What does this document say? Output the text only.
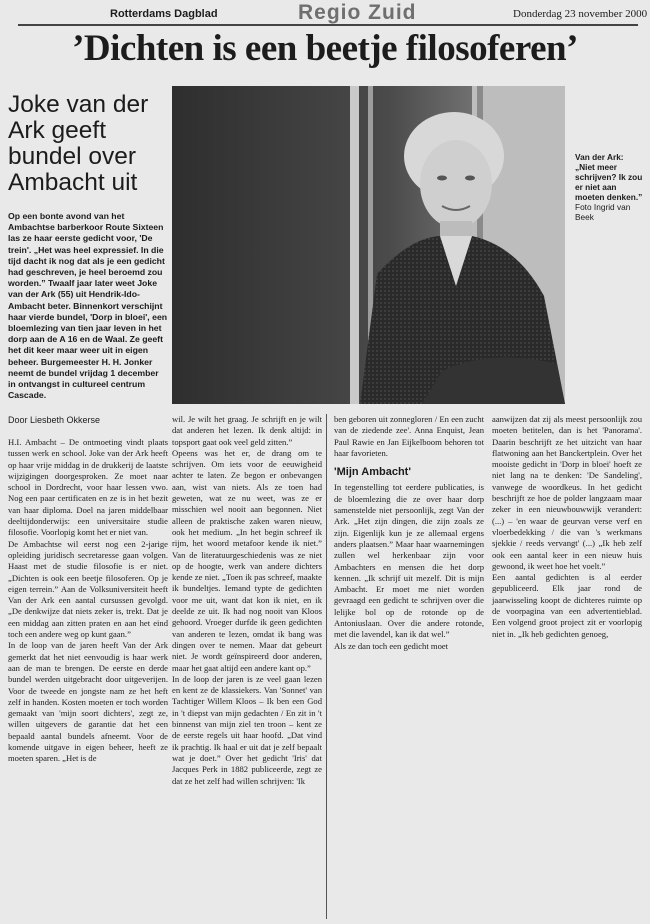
Rotterdams Dagblad	Regio Zuid	Donderdag 23 november 2000
’Dichten is een beetje filosoferen’
Joke van der Ark geeft bundel over Ambacht uit
Op een bonte avond van het Ambachtse barberkoor Route Sixteen las ze haar eerste gedicht voor, 'De trein'. „Het was heel expressief. In die tijd dacht ik nog dat als je een gedicht had geschreven, je heel beroemd zou worden.” Twaalf jaar later weet Joke van der Ark (55) uit Hendrik-Ido-Ambacht beter. Binnenkort verschijnt haar vierde bundel, 'Dorp in bloei', een bloemlezing van tien jaar leven in het dorp aan de A 16 en de Waal. Ze geeft het dit keer maar weer uit in eigen beheer. Burgemeester H. H. Jonker neemt de bundel vrijdag 1 december in ontvangst in cultureel centrum Cascade.
Door Liesbeth Okkerse
Van der Ark:
„Niet meer schrijven? Ik zou er niet aan moeten denken.” Foto Ingrid van Beek

H.I. Ambacht – De ontmoeting vindt plaats tussen werk en school. Joke van der Ark heeft op haar vrije middag in de drukkerij de laatste wijzigingen doorgesproken. Ze moet naar school in Dordrecht, voor haar lessen vwo. Nog een paar certificaten en ze is in het bezit van haar diploma. Doel na jaren middelbaar deeltijdonderwijs: een universitaire studie filosofie. Voorlopig komt het er niet van.

De Ambachtse wil eerst nog een 2-jarige opleiding juridisch secretaresse gaan volgen. Haast met de studie filosofie is er niet. „Dichten is ook een beetje filosoferen. Op je eigen terrein.” Aan de Volksuniversiteit heeft Van der Ark een aantal cursussen gevolgd. „De denkwijze dat niets zeker is, trekt. Dat je een middag aan zitten praten en aan het eind toch een andere weg op kunt gaan.”

In de loop van de jaren heeft Van der Ark gemerkt dat het niet eenvoudig is haar werk aan de man te brengen. De eerste en derde bundel werden uitgebracht door uitgeverijen. Voor de tweede en jongste nam ze het heft zelf in handen. Kosten moeten er toch worden gemaakt van 'mijn soort dichters', zegt ze, willen uitgevers de garantie dat het een bepaald aantal bundels afneemt. Voor de komende uitgave in eigen beheer, heeft ze moeten sparen. „Het is de

wil. Je wilt het graag. Je schrijft en je wilt dat anderen het lezen. Ik denk altijd: in topsport gaat ook veel geld zitten.”

Opeens was het er, de drang om te schrijven. Om iets voor de eeuwigheid achter te laten. Ze begon er onbevangen aan, wist van niets. Als ze toen had geweten, wat ze nu weet, was ze er misschien wel nooit aan begonnen. Niet alleen de praktische zaken waren nieuw, ook het medium. „In het begin schreef ik rijm, het woord metafoor kende ik niet.” Van de literatuurgeschiedenis was ze niet op de hoogte, werk van andere dichters kende ze niet. „Toen ik pas schreef, maakte ik bundeltjes. Iemand typte de gedichten voor me uit, want dat kon ik niet, en ik deelde ze uit. Ik had nog nooit van Kloos gehoord. Vroeger durfde ik geen gedichten van anderen te lezen, omdat ik bang was dingen over te nemen. Maar dat gebeurt niet. Je wordt geïnspireerd door anderen, maar het gaat altijd een andere kant op.”

In de loop der jaren is ze veel gaan lezen en kent ze de klassiekers. Van 'Sonnet' van Tachtiger Willem Kloos – Ik ben een God in 't diepst van mijn gedachten / En zit in 't binnenst van mijn ziel ten troon – kent ze de eerste regels uit haar hoofd. „Dat vind ik prachtig. Ik haal er uit dat je zelf bepaalt wat je doet.” Over het gedicht 'Iris' dat Jacques Perk in 1882 publiceerde, zegt ze dat ze het zelf had willen schrijven: 'Ik

ben geboren uit zonnegloren / En een zucht van de ziedende zee'. Anna Enquist, Jean Paul Rawie en Jan Eijkelboom behoren tot haar favorieten.

'Mijn Ambacht'

In tegenstelling tot eerdere publicaties, is de bloemlezing die ze over haar dorp samenstelde niet persoonlijk, zegt Van der Ark. „Het zijn dingen, die zijn zoals ze zijn. Eigenlijk kun je ze allemaal ergens anders plaatsen.” Maar haar waarnemingen zullen wel herkenbaar zijn voor Ambachters en mensen die het dorp kennen. „Ik schrijf uit mezelf. Dit is mijn Ambacht. Er moet me niet worden gevraagd een gedicht te schrijven over die lelijke bol op de rotonde op de Antoniuslaan. Over die andere rotonde, met die lavendel, kan ik dat wel.”

Als ze dan toch een gedicht moet

aanwijzen dat zij als meest persoonlijk zou moeten betitelen, dan is het 'Panorama'. Daarin beschrijft ze het uitzicht van haar flatwoning aan het Banckertplein. Over het mooiste gedicht in 'Dorp in bloei' hoeft ze niet lang na te denken: 'De Sandeling', vanwege de woordkeus. In het gedicht beschrijft ze hoe de polder langzaam maar zeker in een nieuwbouwwijk verandert: (...) – 'en waar de geurvan verse verf en vloerbedekking / die van 's werkmans sjekkie / reeds vervangt' (...) „Ik heb zelf ook een aantal keer in een nieuw huis gewoond, ik weet hoe het voelt.”

Een aantal gedichten is al eerder gepubliceerd. Elk jaar rond de jaarwisseling koopt de dichteres ruimte op de voorpagina van een advertentieblad. Een volgend groot project zit er voorlopig niet in. „Ik heb gedichten genoeg,
